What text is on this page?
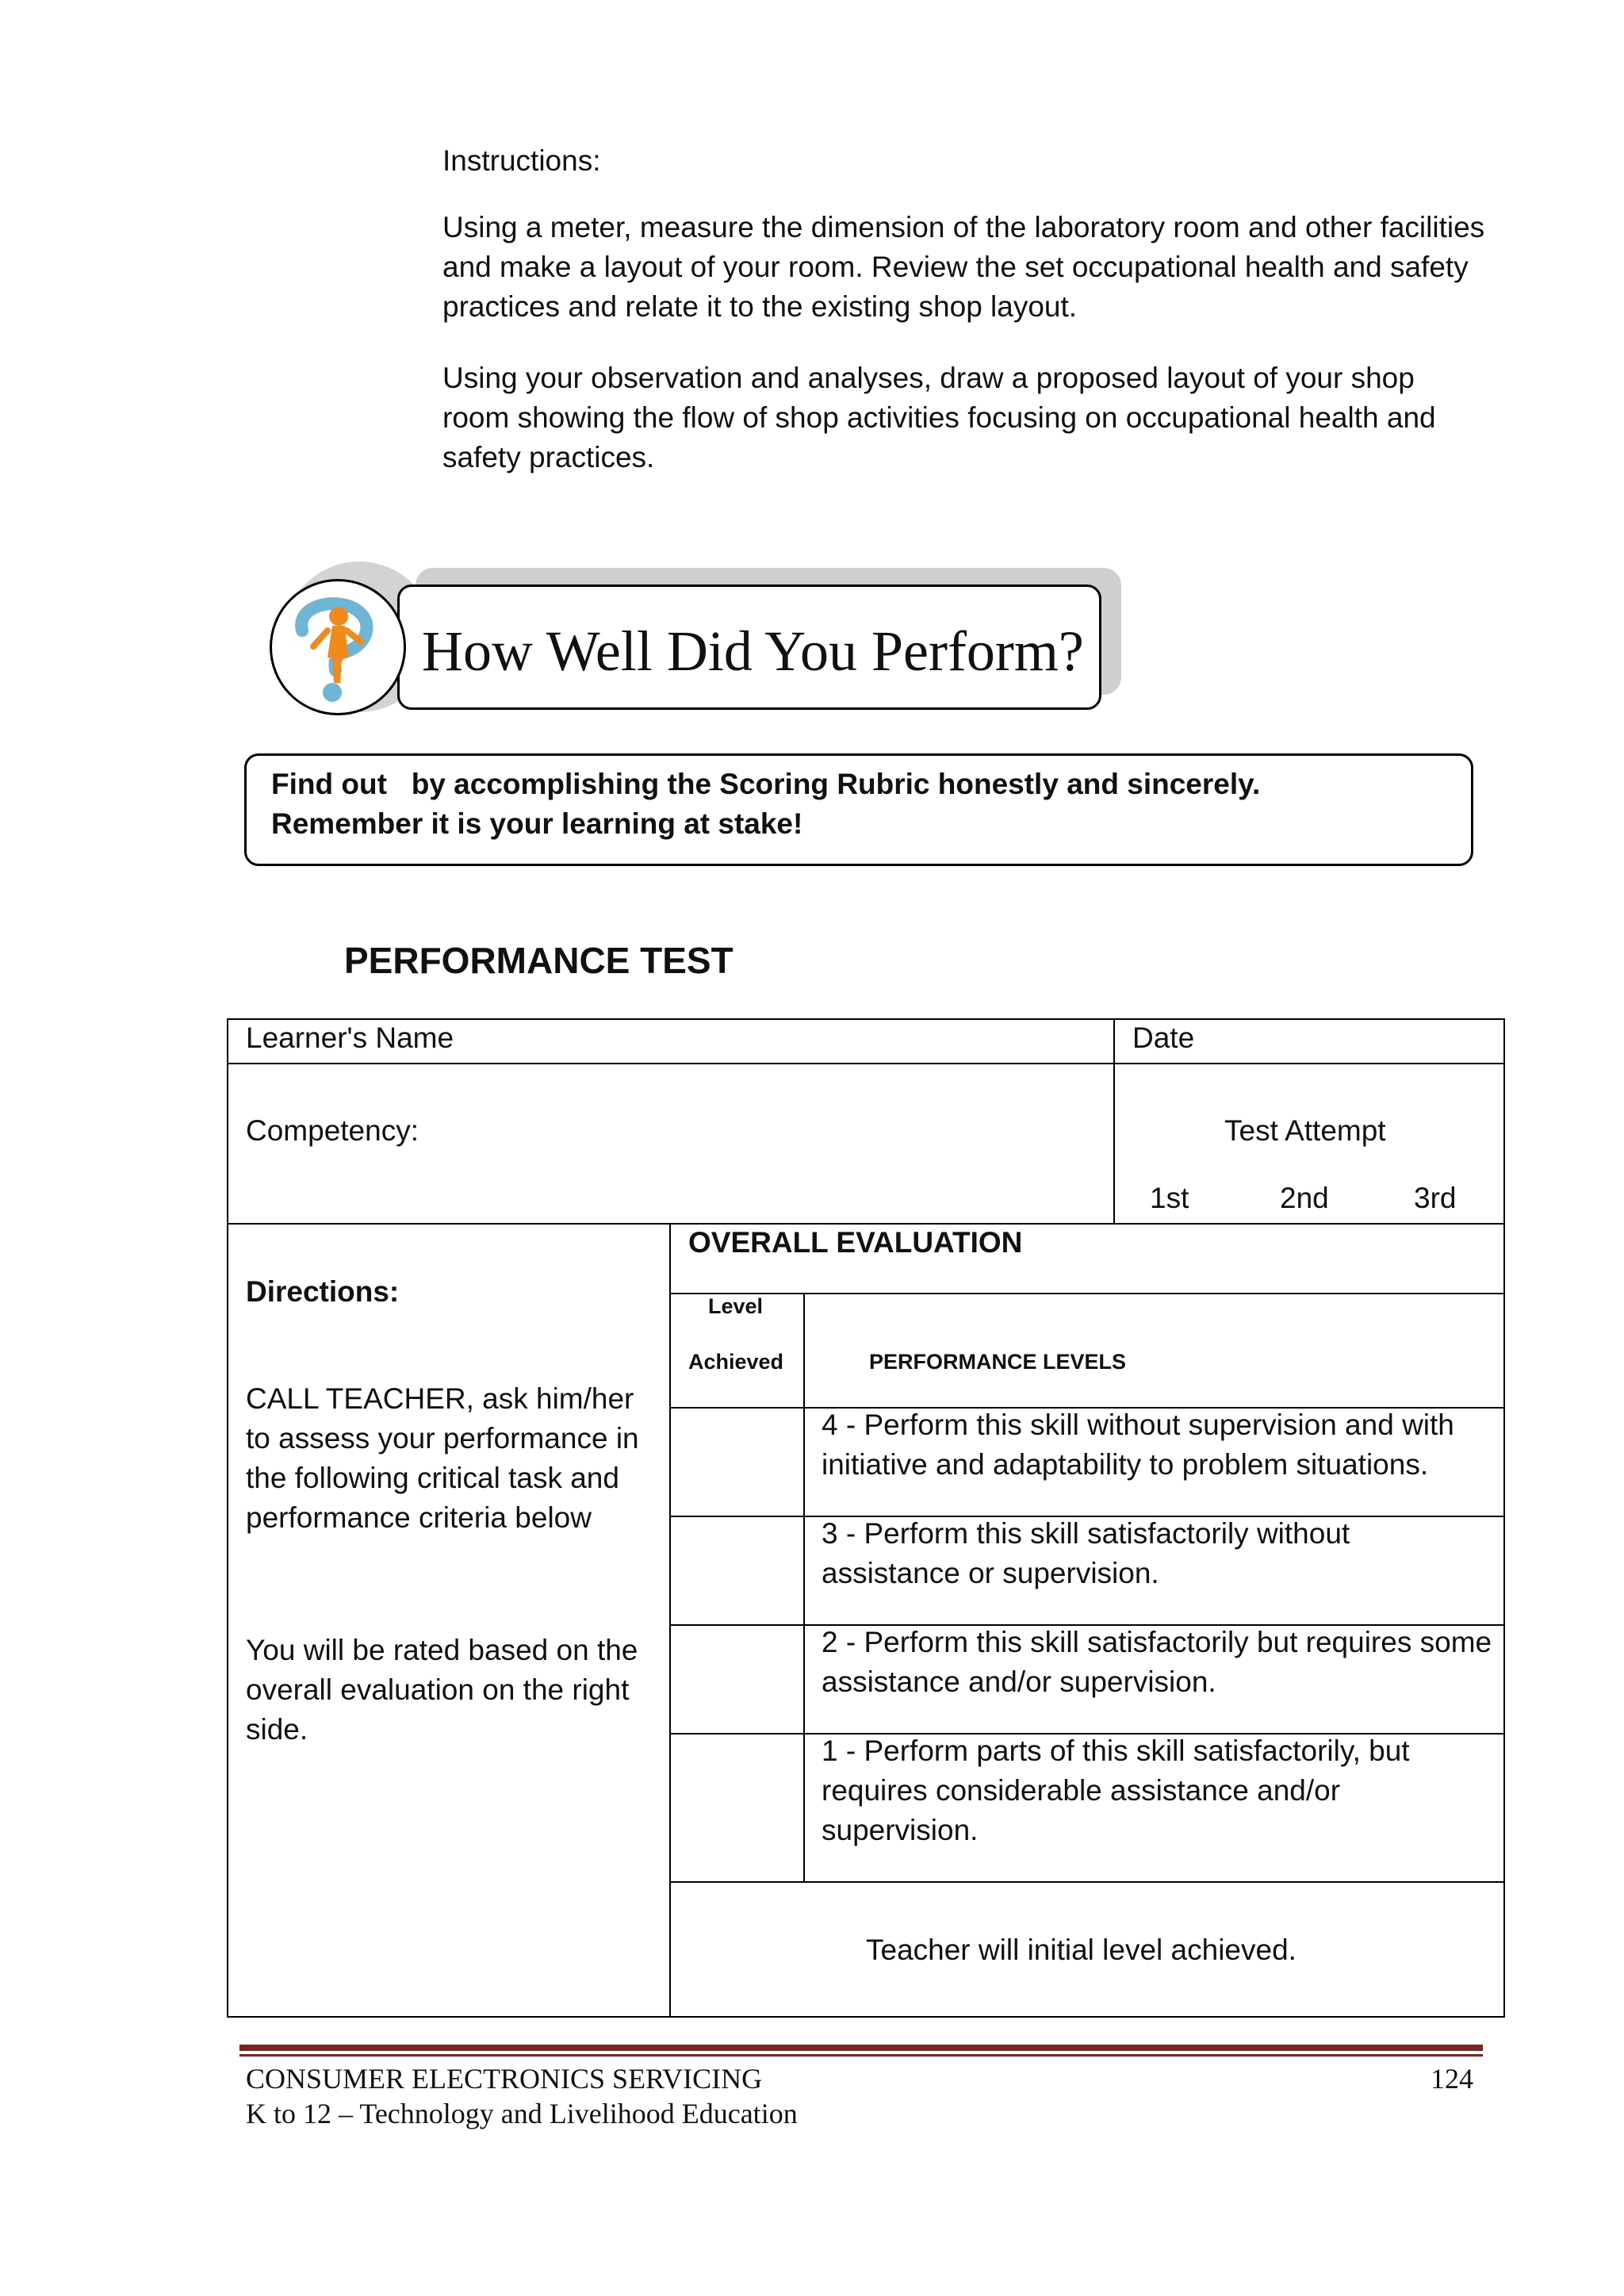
Instructions:
Using a meter, measure the dimension of the laboratory room and other facilities and make a layout of your room. Review the set occupational health and safety practices and relate it to the existing shop layout.
Using your observation and analyses, draw a proposed layout of your shop room showing the flow of shop activities focusing on occupational health and safety practices.
How Well Did You Perform?
Find out   by accomplishing the Scoring Rubric honestly and sincerely.
Remember it is your learning at stake!
PERFORMANCE TEST
Learner's Name	Date
Competency:	Test Attempt
1st	2nd	3rd
Directions:
CALL TEACHER, ask him/her to assess your performance in the following critical task and performance criteria below
You will be rated based on the overall evaluation on the right side.
OVERALL EVALUATION
Level
Achieved	PERFORMANCE LEVELS
4 - Perform this skill without supervision and with initiative and adaptability to problem situations.
3 - Perform this skill satisfactorily without assistance or supervision.
2 - Perform this skill satisfactorily but requires some assistance and/or supervision.
1 - Perform parts of this skill satisfactorily, but requires considerable assistance and/or supervision.
Teacher will initial level achieved.
CONSUMER ELECTRONICS SERVICING
K to 12 – Technology and Livelihood Education
124
